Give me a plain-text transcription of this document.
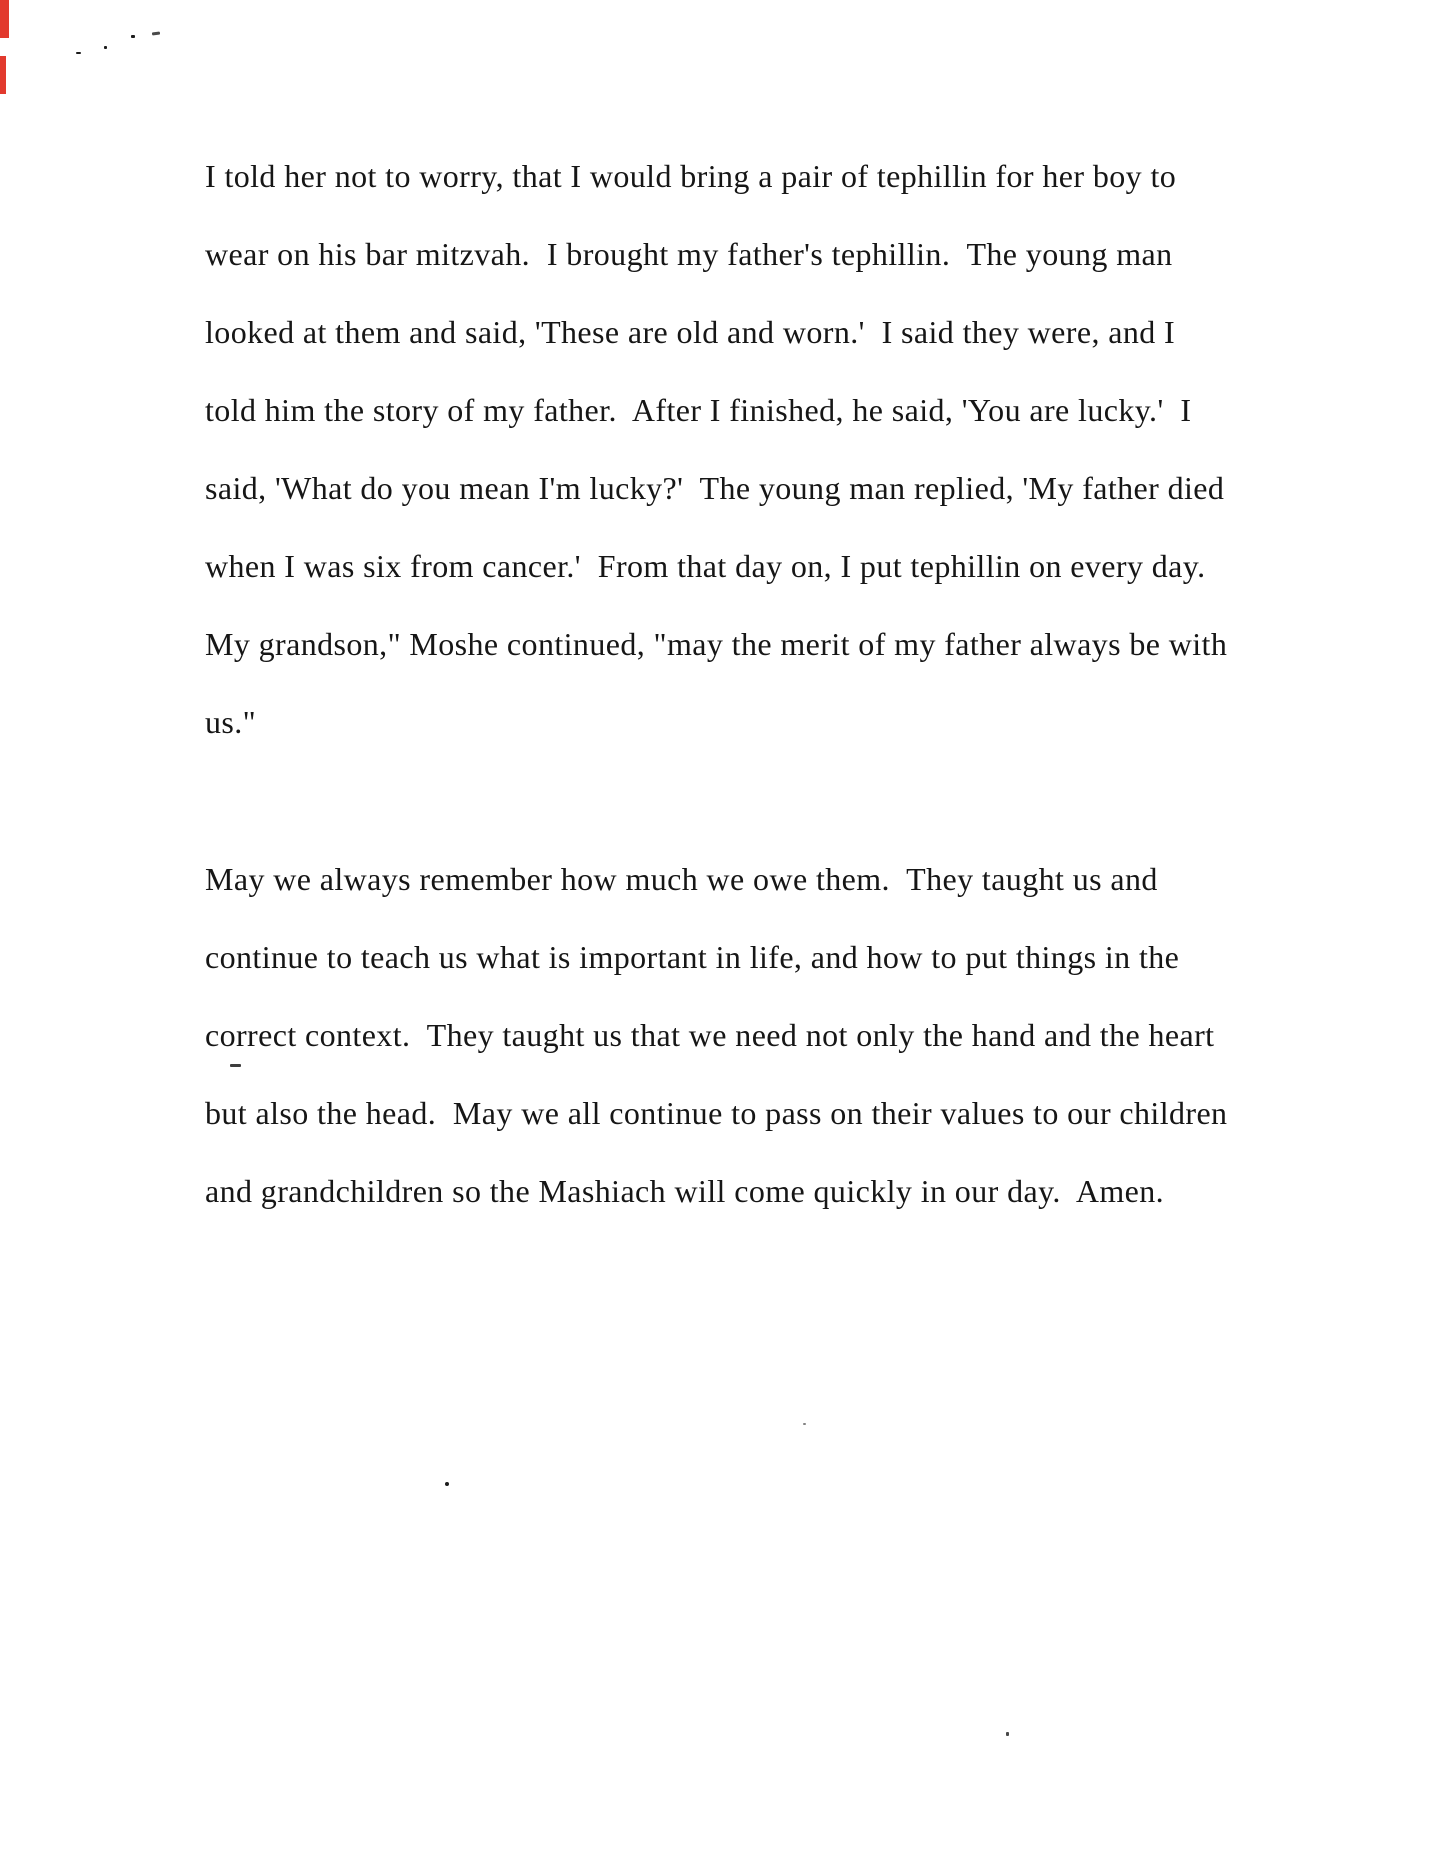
I told her not to worry, that I would bring a pair of tephillin for her boy to
wear on his bar mitzvah.  I brought my father's tephillin.  The young man
looked at them and said, 'These are old and worn.'  I said they were, and I
told him the story of my father.  After I finished, he said, 'You are lucky.'  I
said, 'What do you mean I'm lucky?'  The young man replied, 'My father died
when I was six from cancer.'  From that day on, I put tephillin on every day.
My grandson," Moshe continued, "may the merit of my father always be with
us."
May we always remember how much we owe them.  They taught us and
continue to teach us what is important in life, and how to put things in the
correct context.  They taught us that we need not only the hand and the heart
but also the head.  May we all continue to pass on their values to our children
and grandchildren so the Mashiach will come quickly in our day.  Amen.
